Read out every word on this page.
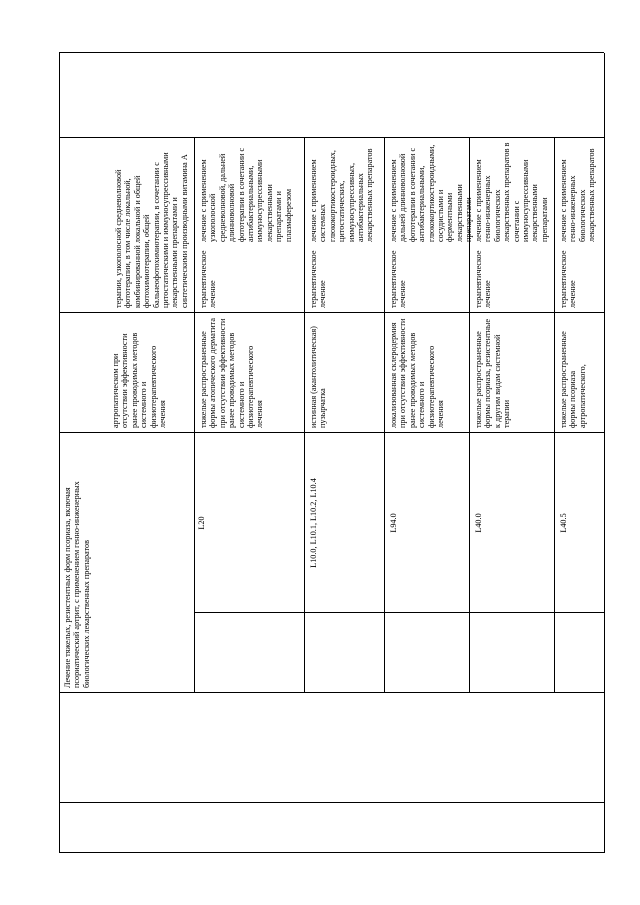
Лечение тяжелых, резистентных форм псориаза, включая псориатический артрит, с применением генно-инженерных биологических лекарственных препаратов
артропатическом при отсутствии эффективности ранее проводимых методов системного и физиотерапевтического лечения
терапии, узкополосной средневолновой фототерапии, в том числе локальной, комбинированной локальной и общей фотохимиотерапии, общей бальнеофотохимиотерапии, в сочетании с цитостатическими и иммуносупрессивными лекарственными препаратами и синтетическими производными витамина А
L20
тяжелые распространенные формы атопического дерматита при отсутствии эффективности ранее проводимых методов системного и физиотерапевтического лечения
терапевтическое лечение
лечение с применением узкополосной средневолновой, дальней длинноволновой фототерапии в сочетании с антибактериальными, иммуносупрессивными лекарственными препаратами и плазмаферезом
L10.0, L10.1, L10.2, L10.4
истинная (акантолитическая) пузырчатка
терапевтическое лечение
лечение с применением системных глюкокортикостероидных, цитостатических, иммуносупрессивных, антибактериальных лекарственных препаратов
L94.0
локализованная склеродермия при отсутствии эффективности ранее проводимых методов системного и физиотерапевтического лечения
терапевтическое лечение
лечение с применением дальней длинноволновой фототерапии в сочетании с антибактериальными, глюкокортикостероидными, сосудистыми и ферментными лекарственными препаратами
L40.0
тяжелые распространенные формы псориаза, резистентные к другим видам системной терапии
терапевтическое лечение
лечение с применением генно-инженерных биологических лекарственных препаратов в сочетании с иммуносупрессивными лекарственными препаратами
L40.5
тяжелые распространенные формы псориаза артропатического,
терапевтическое лечение
лечение с применением генно-инженерных биологических лекарственных препаратов
